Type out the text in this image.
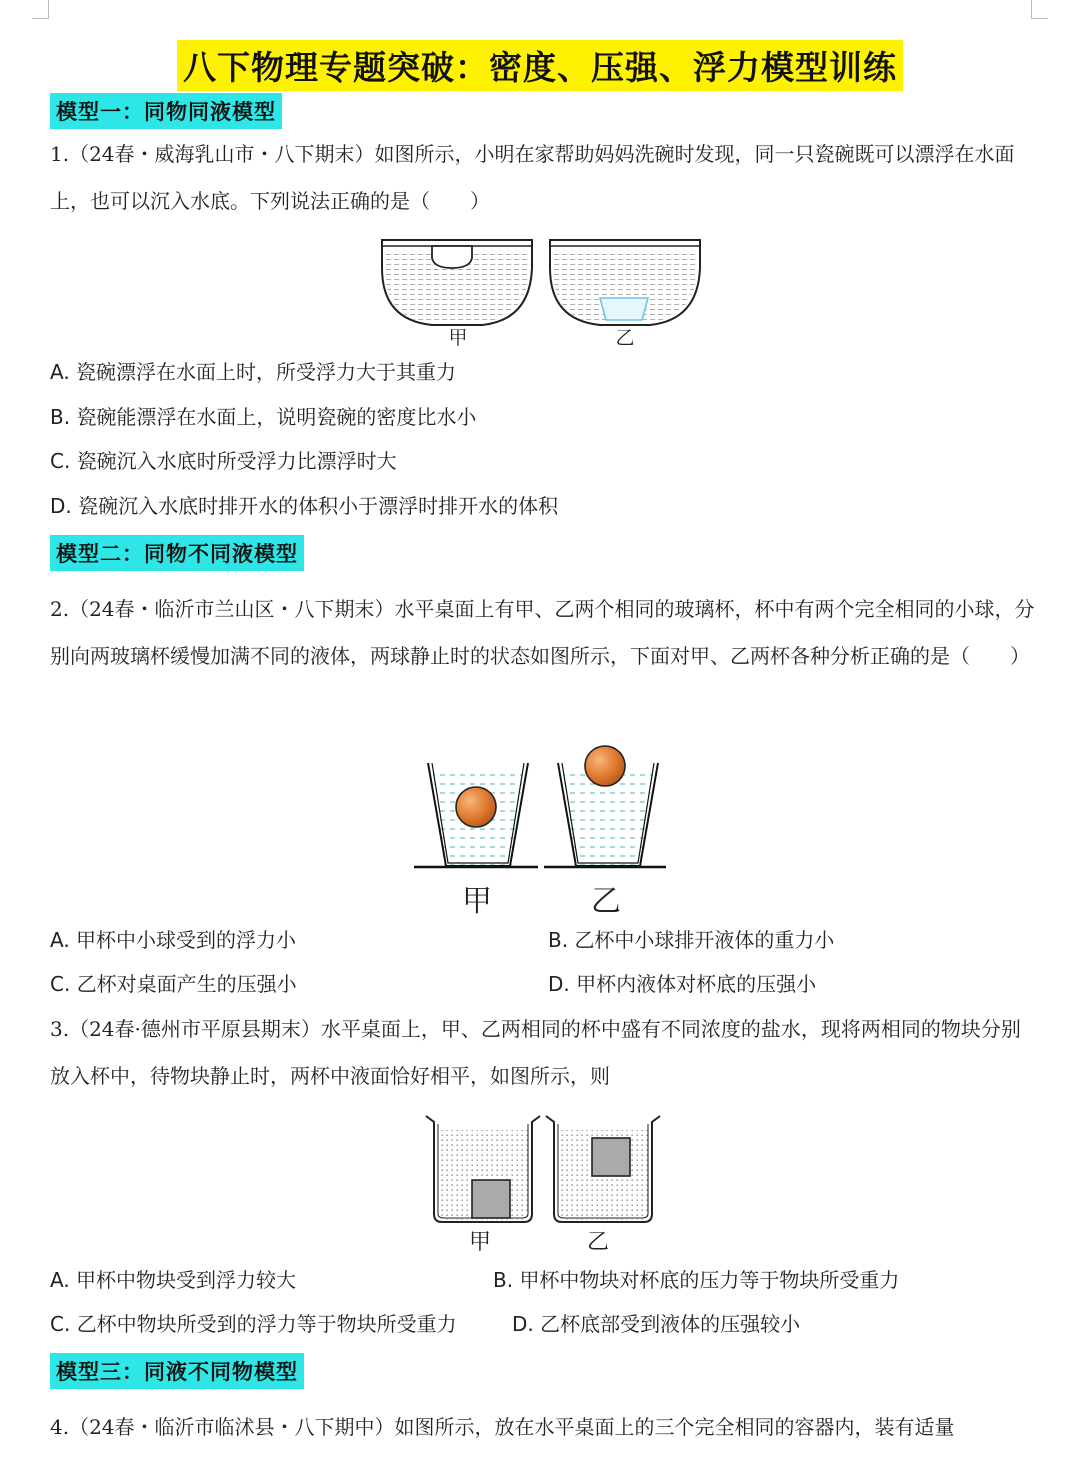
八下物理专题突破：密度、压强、浮力模型训练
模型一：同物同液模型
1.（24春・威海乳山市・八下期末）如图所示，小明在家帮助妈妈洗碗时发现，同一只瓷碗既可以漂浮在水面上，也可以沉入水底。下列说法正确的是（　　）
甲	乙
A. 瓷碗漂浮在水面上时，所受浮力大于其重力
B. 瓷碗能漂浮在水面上，说明瓷碗的密度比水小
C. 瓷碗沉入水底时所受浮力比漂浮时大
D. 瓷碗沉入水底时排开水的体积小于漂浮时排开水的体积
模型二：同物不同液模型
2.（24春・临沂市兰山区・八下期末）水平桌面上有甲、乙两个相同的玻璃杯，杯中有两个完全相同的小球，分别向两玻璃杯缓慢加满不同的液体，两球静止时的状态如图所示，下面对甲、乙两杯各种分析正确的是（　　）
甲	乙
A. 甲杯中小球受到的浮力小	B. 乙杯中小球排开液体的重力小
C. 乙杯对桌面产生的压强小	D. 甲杯内液体对杯底的压强小
3.（24春·德州市平原县期末）水平桌面上，甲、乙两相同的杯中盛有不同浓度的盐水，现将两相同的物块分别放入杯中，待物块静止时，两杯中液面恰好相平，如图所示，则
甲	乙
A. 甲杯中物块受到浮力较大	B. 甲杯中物块对杯底的压力等于物块所受重力
C. 乙杯中物块所受到的浮力等于物块所受重力	D. 乙杯底部受到液体的压强较小
模型三：同液不同物模型
4.（24春・临沂市临沭县・八下期中）如图所示，放在水平桌面上的三个完全相同的容器内，装有适量
